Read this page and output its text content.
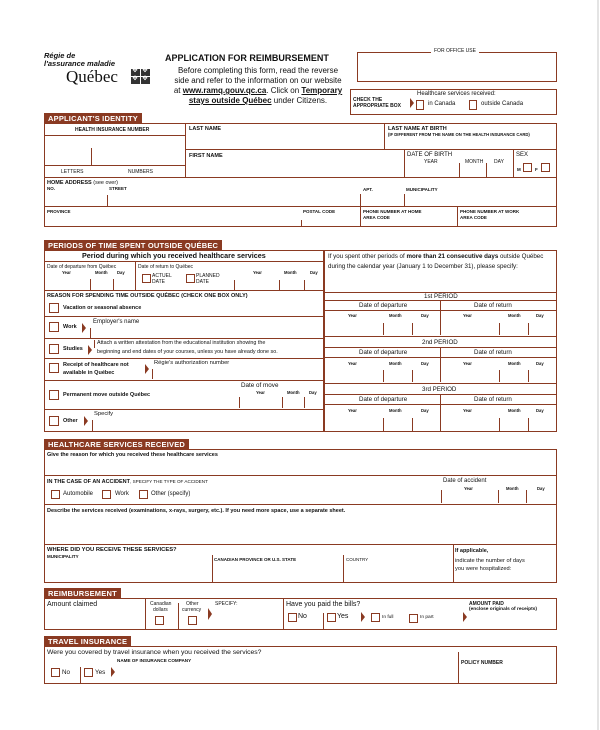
Régie de
l'assurance maladie
Québec
✤✤
✤✤
APPLICATION FOR REIMBURSEMENT
Before completing this form, read the reverse
side and refer to the information on our website
at www.ramq.gouv.qc.ca. Click on Temporary
stays outside Québec under Citizens.
FOR OFFICE USE
CHECK THE
APPROPRIATE BOX
Healthcare services received:
in Canada	outside Canada
APPLICANT'S IDENTITY
HEALTH INSURANCE NUMBER
LETTERS	NUMBERS
LAST NAME	LAST NAME AT BIRTH
(IF DIFFERENT FROM THE NAME ON THE HEALTH INSURANCE CARD)
FIRST NAME	DATE OF BIRTH
YEAR	MONTH DAY
SEX
M	F
HOME ADDRESS (see over)
NO.	STREET	APT.	MUNICIPALITY
PROVINCE	POSTAL CODE	PHONE NUMBER AT HOME
AREA CODE
PHONE NUMBER AT WORK
AREA CODE
PERIODS OF TIME SPENT OUTSIDE QUÉBEC
Period during which you received healthcare services
Date of departure from Québec
Year	Month Day
Date of return to Québec
ACTUEL
DATE
PLANNED
DATE
Year	Month	Day
REASON FOR SPENDING TIME OUTSIDE QUÉBEC (CHECK ONE BOX ONLY)
Vacation or seasonal absence
Work
Employer's name
Studies
Attach a written attestation from the educational institution showing the
beginning and end dates of your courses, unless you have already done so.
Receipt of healthcare not
available in Québec
Régie's authorization number
Permanent move outside Québec
Date of move
Year	Month Day
Other
Specify
If you spent other periods of more than 21 consecutive days outside Québec
during the calendar year (January 1 to December 31), please specify:
1st PERIOD
Date of departure	Date of return
Year	Month	Day	Year	Month	Day
2nd PERIOD
Date of departure	Date of return
Year	Month	Day	Year	Month	Day
3rd PERIOD
Date of departure	Date of return
Year	Month	Day	Year	Month	Day
HEALTHCARE SERVICES RECEIVED
Give the reason for which you received these healthcare services
IN THE CASE OF AN ACCIDENT, SPECIFY THE TYPE OF ACCIDENT
Automobile	Work	Other (specify)
Date of accident
Year	Month	Day
Describe the services received (examinations, x-rays, surgery, etc.). If you need more space, use a separate sheet.
WHERE DID YOU RECEIVE THESE SERVICES?
MUNICIPALITY
CANADIAN PROVINCE OR U.S. STATE	COUNTRY
If applicable,
indicate the number of days
you were hospitalized:
REIMBURSEMENT
Amount claimed	Canadian
dollars
Other
currency
SPECIFY:	Have you paid the bills?
No	Yes	In full	In part
AMOUNT PAID
(enclose originals of receipts)
TRAVEL INSURANCE
Were you covered by travel insurance when you received the services?
NAME OF INSURANCE COMPANY
No	Yes
POLICY NUMBER
